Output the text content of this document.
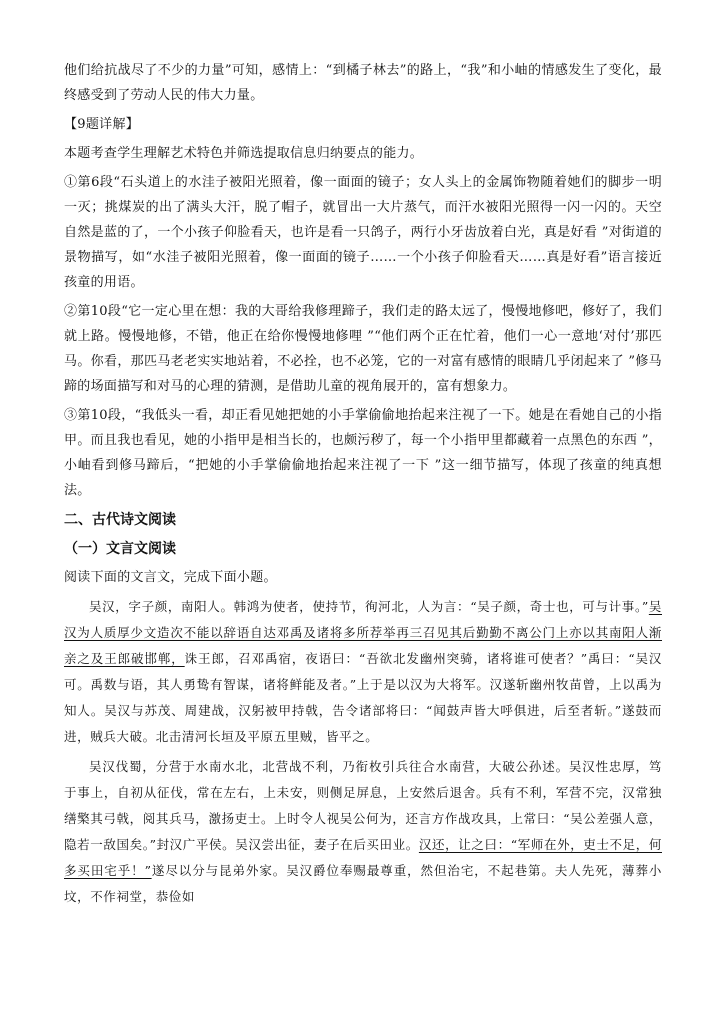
他们给抗战尽了不少的力量”可知，感情上：“到橘子林去”的路上，“我”和小岫的情感发生了变化，最终感受到了劳动人民的伟大力量。

【9题详解】

本题考查学生理解艺术特色并筛选提取信息归纳要点的能力。

①第6段“石头道上的水洼子被阳光照着，像一面面的镜子；女人头上的金属饰物随着她们的脚步一明一灭；挑煤炭的出了满头大汗，脱了帽子，就冒出一大片蒸气，而汗水被阳光照得一闪一闪的。天空自然是蓝的了，一个小孩子仰脸看天，也许是看一只鸽子，两行小牙齿放着白光，真是好看 ”对街道的景物描写，如“水洼子被阳光照着，像一面面的镜子……一个小孩子仰脸看天……真是好看”语言接近孩童的用语。

②第10段“它一定心里在想：我的大哥给我修理蹄子，我们走的路太远了，慢慢地修吧，修好了，我们就上路。慢慢地修，不错，他正在给你慢慢地修哩 ”“他们两个正在忙着，他们一心一意地‘对付’那匹马。你看，那匹马老老实实地站着，不必拴，也不必笼，它的一对富有感情的眼睛几乎闭起来了 ”修马蹄的场面描写和对马的心理的猜测，是借助儿童的视角展开的，富有想象力。

③第10段，“我低头一看，却正看见她把她的小手掌偷偷地抬起来注视了一下。她是在看她自己的小指甲。而且我也看见，她的小指甲是相当长的，也颇污秽了，每一个小指甲里都藏着一点黑色的东西 ”，小岫看到修马蹄后，“把她的小手掌偷偷地抬起来注视了一下 ”这一细节描写，体现了孩童的纯真想法。

二、古代诗文阅读
（一）文言文阅读

阅读下面的文言文，完成下面小题。

吴汉，字子颜，南阳人。韩鸿为使者，使持节，徇河北，人为言：“吴子颜，奇士也，可与计事。”吴汉为人质厚少文造次不能以辞语自达邓禹及诸将多所荐举再三召见其后勤勤不离公门上亦以其南阳人渐亲之及王郎破邯郸，诛王郎，召邓禹宿，夜语曰：“吾欲北发幽州突骑，诸将谁可使者？”禹曰：“吴汉可。禹数与语，其人勇鸷有智谋，诸将鲜能及者。”上于是以汉为大将军。汉遂斩幽州牧苗曾，上以禹为知人。吴汉与苏茂、周建战，汉躬被甲持戟，告令诸部将曰：“闻鼓声皆大呼俱进，后至者斩。”遂鼓而进，贼兵大破。北击清河长垣及平原五里贼，皆平之。

吴汉伐蜀，分营于水南水北，北营战不利，乃衔枚引兵往合水南营，大破公孙述。吴汉性忠厚，笃于事上，自初从征伐，常在左右，上未安，则侧足屏息，上安然后退舍。兵有不利，军营不完，汉常独缮檠其弓戟，阅其兵马，激扬吏士。上时令人视吴公何为，还言方作战攻具，上常曰：“吴公差强人意，隐若一敌国矣。”封汉广平侯。吴汉尝出征，妻子在后买田业。汉还，让之曰：“军师在外，吏士不足，何多买田宅乎！”遂尽以分与昆弟外家。吴汉爵位奉赐最尊重，然但治宅，不起巷第。夫人先死，薄葬小坟，不作祠堂，恭俭如
